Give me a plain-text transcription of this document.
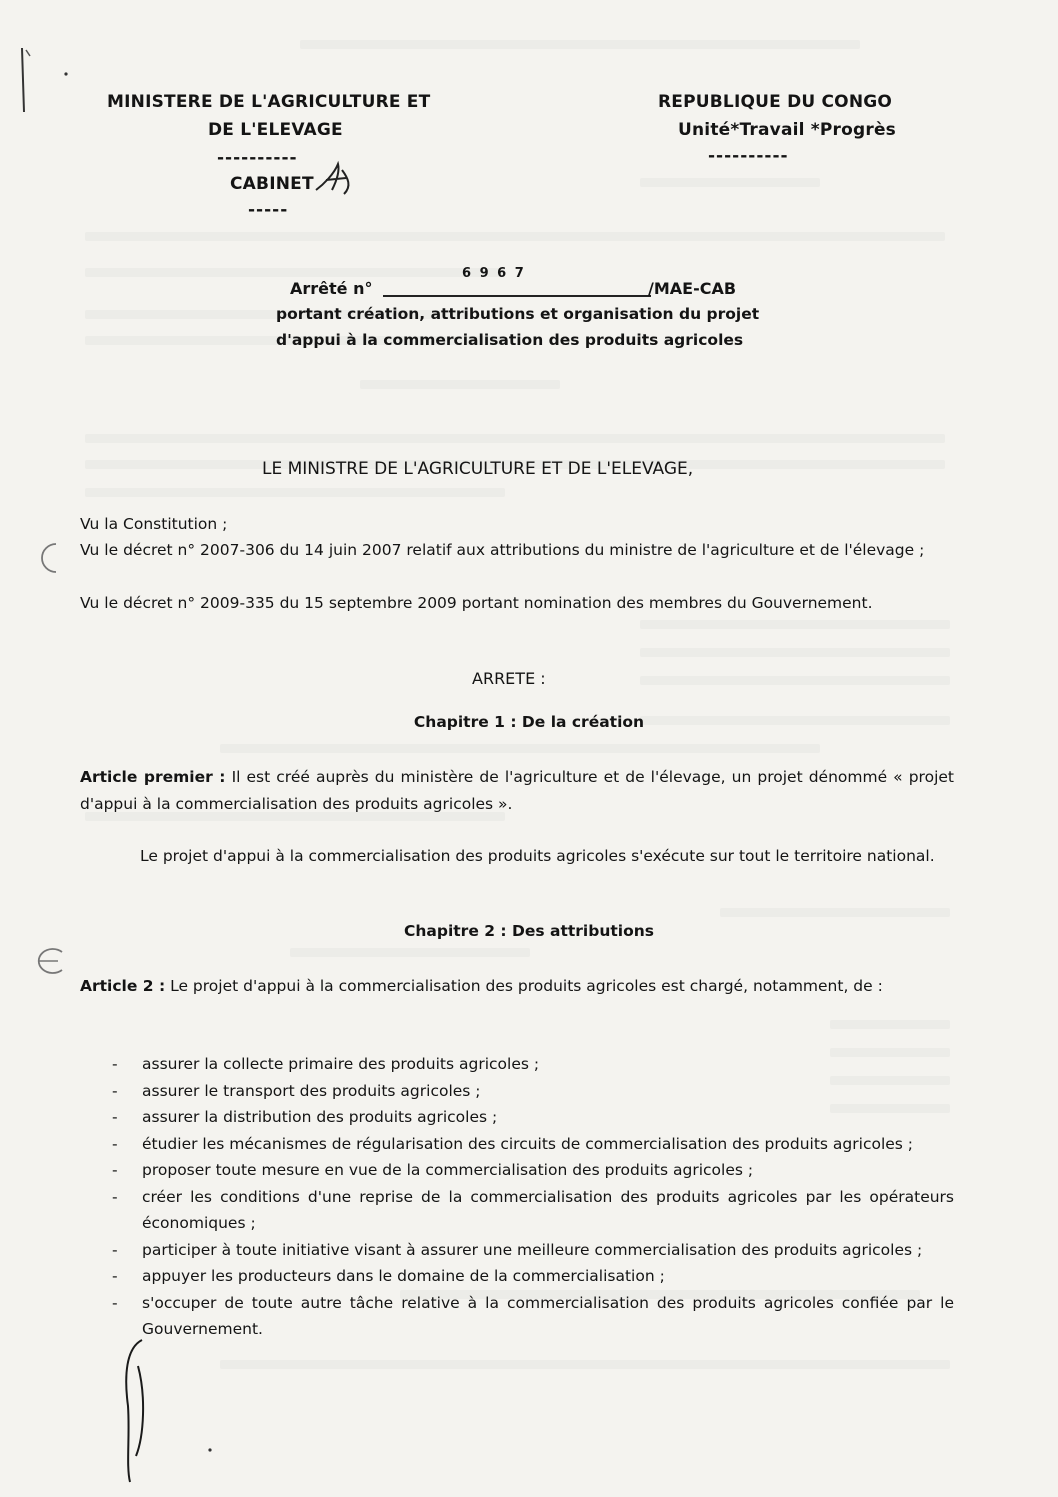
MINISTERE DE L'AGRICULTURE ET
DE L'ELEVAGE
----------
CABINET
-----
REPUBLIQUE DU CONGO
Unité*Travail *Progrès
----------
Arrêté n°
6 9 6 7
/MAE-CAB
portant création, attributions et organisation du projet
d'appui à la commercialisation des produits agricoles
LE MINISTRE DE L'AGRICULTURE ET DE L'ELEVAGE,
Vu la Constitution ;
Vu le décret n° 2007-306 du 14 juin 2007 relatif aux attributions du ministre de l'agriculture et de l'élevage ;
Vu le décret n° 2009-335 du 15 septembre 2009 portant nomination des membres du Gouvernement.
ARRETE :
Chapitre 1 : De la création
Article premier : Il est créé auprès du ministère de l'agriculture et de l'élevage, un projet dénommé « projet d'appui à la commercialisation des produits agricoles ».
Le projet d'appui à la commercialisation des produits agricoles s'exécute sur tout le territoire national.
Chapitre 2 : Des attributions
Article 2 : Le projet d'appui à la commercialisation des produits agricoles est chargé, notamment, de :
- assurer la collecte primaire des produits agricoles ;
- assurer le transport des produits agricoles ;
- assurer la distribution des produits agricoles ;
- étudier les mécanismes de régularisation des circuits de commercialisation des produits agricoles ;
- proposer toute mesure en vue de la commercialisation des produits agricoles ;
- créer les conditions d'une reprise de la commercialisation des produits agricoles par les opérateurs économiques ;
- participer à toute initiative visant à assurer une meilleure commercialisation des produits agricoles ;
- appuyer les producteurs dans le domaine de la commercialisation ;
- s'occuper de toute autre tâche relative à la commercialisation des produits agricoles confiée par le Gouvernement.
